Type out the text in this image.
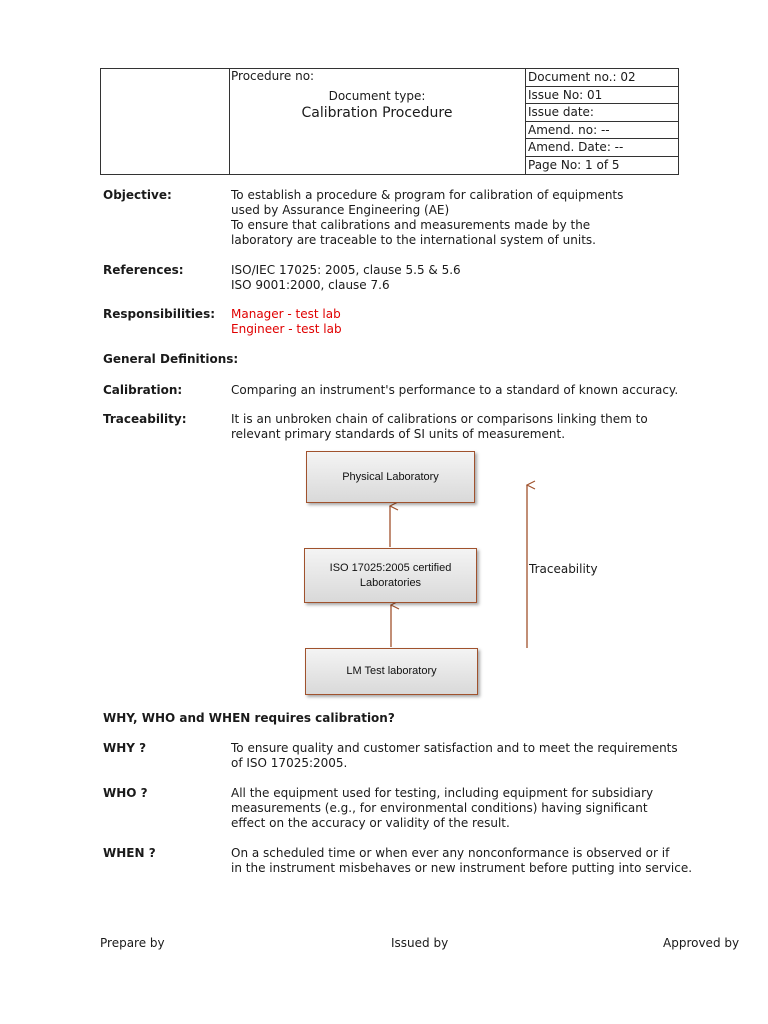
Procedure no:
Document type:
Calibration Procedure
Document no.: 02
Issue No: 01
Issue date:
Amend. no: --
Amend. Date: --
Page No: 1 of 5
Objective:	To establish a procedure & program for calibration of equipments
used by Assurance Engineering (AE)
To ensure that calibrations and measurements made by the
laboratory are traceable to the international system of units.
References:	ISO/IEC 17025: 2005, clause 5.5 & 5.6
ISO 9001:2000, clause 7.6
Responsibilities: Manager - test lab
Engineer - test lab
General Definitions:
Calibration:	Comparing an instrument's performance to a standard of known accuracy.
Traceability:	It is an unbroken chain of calibrations or comparisons linking them to
relevant primary standards of SI units of measurement.
Physical Laboratory
ISO 17025:2005 certified
Laboratories
LM Test laboratory
Traceability
WHY, WHO and WHEN requires calibration?
WHY ?	To ensure quality and customer satisfaction and to meet the requirements
of ISO 17025:2005.
WHO ?	All the equipment used for testing, including equipment for subsidiary
measurements (e.g., for environmental conditions) having significant
effect on the accuracy or validity of the result.
WHEN ?	On a scheduled time or when ever any nonconformance is observed or if
in the instrument misbehaves or new instrument before putting into service.
Prepare by	Issued by	Approved by
